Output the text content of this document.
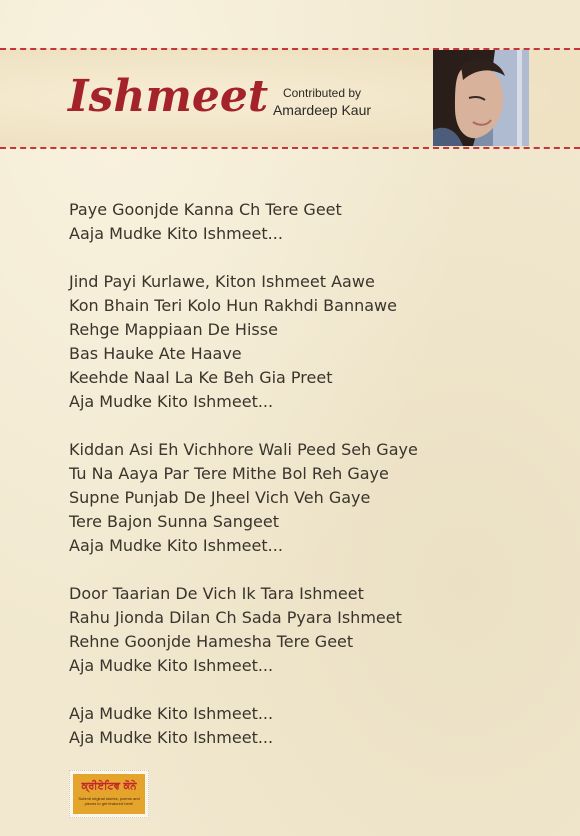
Ishmeet	Contributed by
Amardeep Kaur
Paye Goonjde Kanna Ch Tere Geet
Aaja Mudke Kito Ishmeet...
Jind Payi Kurlawe, Kiton Ishmeet Aawe
Kon Bhain Teri Kolo Hun Rakhdi Bannawe
Rehge Mappiaan De Hisse
Bas Hauke Ate Haave
Keehde Naal La Ke Beh Gia Preet
Aja Mudke Kito Ishmeet...
Kiddan Asi Eh Vichhore Wali Peed Seh Gaye
Tu Na Aaya Par Tere Mithe Bol Reh Gaye
Supne Punjab De Jheel Vich Veh Gaye
Tere Bajon Sunna Sangeet
Aaja Mudke Kito Ishmeet...
Door Taarian De Vich Ik Tara Ishmeet
Rahu Jionda Dilan Ch Sada Pyara Ishmeet
Rehne Goonjde Hamesha Tere Geet
Aja Mudke Kito Ishmeet...
Aja Mudke Kito Ishmeet...
Aja Mudke Kito Ishmeet...
ਕ੍ਰੀਏਟਿਵ ਕੋਨੇ
Submit original stories, poems and pieces to get featured here!
